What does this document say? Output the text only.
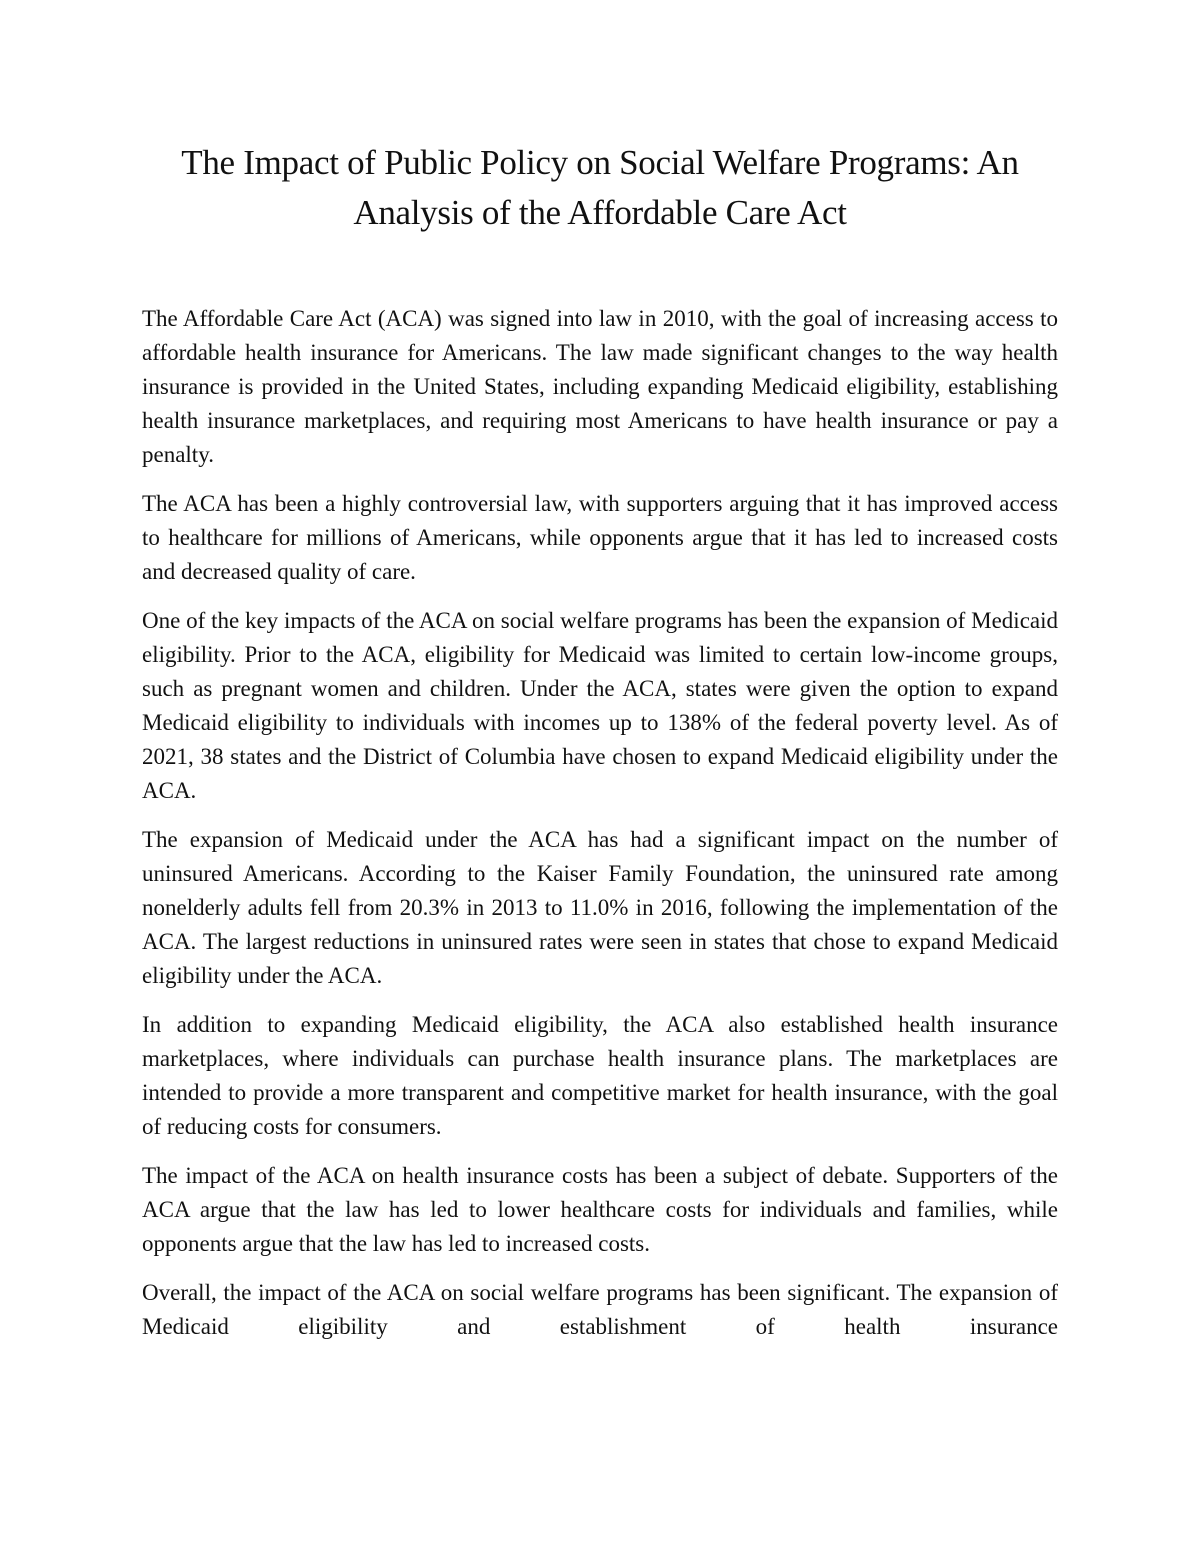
The Impact of Public Policy on Social Welfare Programs: An Analysis of the Affordable Care Act

The Affordable Care Act (ACA) was signed into law in 2010, with the goal of increasing access to affordable health insurance for Americans. The law made significant changes to the way health insurance is provided in the United States, including expanding Medicaid eligibility, establishing health insurance marketplaces, and requiring most Americans to have health insurance or pay a penalty.

The ACA has been a highly controversial law, with supporters arguing that it has improved access to healthcare for millions of Americans, while opponents argue that it has led to increased costs and decreased quality of care.

One of the key impacts of the ACA on social welfare programs has been the expansion of Medicaid eligibility. Prior to the ACA, eligibility for Medicaid was limited to certain low-income groups, such as pregnant women and children. Under the ACA, states were given the option to expand Medicaid eligibility to individuals with incomes up to 138% of the federal poverty level. As of 2021, 38 states and the District of Columbia have chosen to expand Medicaid eligibility under the ACA.

The expansion of Medicaid under the ACA has had a significant impact on the number of uninsured Americans. According to the Kaiser Family Foundation, the uninsured rate among nonelderly adults fell from 20.3% in 2013 to 11.0% in 2016, following the implementation of the ACA. The largest reductions in uninsured rates were seen in states that chose to expand Medicaid eligibility under the ACA.

In addition to expanding Medicaid eligibility, the ACA also established health insurance marketplaces, where individuals can purchase health insurance plans. The marketplaces are intended to provide a more transparent and competitive market for health insurance, with the goal of reducing costs for consumers.

The impact of the ACA on health insurance costs has been a subject of debate. Supporters of the ACA argue that the law has led to lower healthcare costs for individuals and families, while opponents argue that the law has led to increased costs.

Overall, the impact of the ACA on social welfare programs has been significant. The expansion of Medicaid eligibility and establishment of health insurance
